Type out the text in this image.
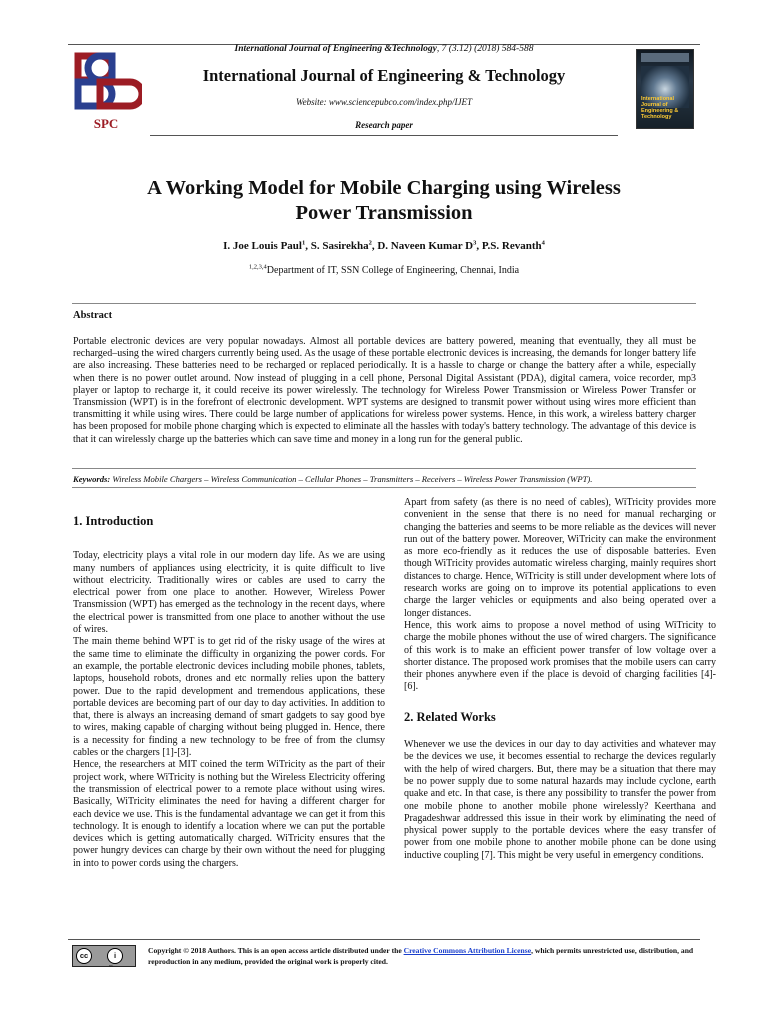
SPC
International Journal of Engineering &Technology, 7 (3.12) (2018) 584-588
International Journal of Engineering & Technology
Website: www.sciencepubco.com/index.php/IJET
Research paper
International Journal of Engineering & Technology
A Working Model for Mobile Charging using Wireless
Power Transmission
I. Joe Louis Paul$^1$, S. Sasirekha$^2$, D. Naveen Kumar $D^3$, P.S. Revanth$^4$
$^{1,2,3,4}$Department of IT, SSN College of Engineering, Chennai, India
Abstract
Portable electronic devices are very popular nowadays. Almost all portable devices are battery powered, meaning that eventually, they all must be recharged–using the wired chargers currently being used. As the usage of these portable electronic devices is increasing, the demands for longer battery life are also increasing. These batteries need to be recharged or replaced periodically. It is a hassle to charge or change the battery after a while, especially when there is no power outlet around. Now instead of plugging in a cell phone, Personal Digital Assistant (PDA), digital camera, voice recorder, mp3 player or laptop to recharge it, it could receive its power wirelessly. The technology for Wireless Power Transmission or Wireless Power Transfer or Transmission (WPT) is in the forefront of electronic development. WPT systems are designed to transmit power without using wires more efficient than transmitting it while using wires. There could be large number of applications for wireless power systems. Hence, in this work, a wireless battery charger has been proposed for mobile phone charging which is expected to eliminate all the hassles with today's battery technology. The advantage of this device is that it can wirelessly charge up the batteries which can save time and money in a long run for the general public.
Keywords: Wireless Mobile Chargers – Wireless Communication – Cellular Phones – Transmitters – Receivers – Wireless Power Transmission (WPT).
1. Introduction

Today, electricity plays a vital role in our modern day life. As we are using many numbers of appliances using electricity, it is quite difficult to live without electricity. Traditionally wires or cables are used to carry the electrical power from one place to another. However, Wireless Power Transmission (WPT) has emerged as the technology in the recent days, where the electrical power is transmitted from one place to another without the use of wires.

The main theme behind WPT is to get rid of the risky usage of the wires at the same time to eliminate the difficulty in organizing the power cords. For an example, the portable electronic devices including mobile phones, tablets, laptops, household robots, drones and etc normally relies upon the battery power. Due to the rapid development and tremendous applications, these portable devices are becoming part of our day to day activities. In addition to that, there is always an increasing demand of smart gadgets to say good bye to wires, making capable of charging without being plugged in. Hence, there is a necessity for finding a new technology to be free of from the clumsy cables or the chargers [1]-[3].

Hence, the researchers at MIT coined the term WiTricity as the part of their project work, where WiTricity is nothing but the Wireless Electricity offering the transmission of electrical power to a remote place without using wires. Basically, WiTricity eliminates the need for having a different charger for each device we use. This is the fundamental advantage we can get it from this technology. It is enough to identify a location where we can put the portable devices which is getting automatically charged. WiTricity ensures that the power hungry devices can charge by their own without the need for plugging in into to power cords using the chargers.

Apart from safety (as there is no need of cables), WiTricity provides more convenient in the sense that there is no need for manual recharging or changing the batteries and seems to be more reliable as the devices will never run out of the battery power. Moreover, WiTricity can make the environment as more eco-friendly as it reduces the use of disposable batteries. Even though WiTricity provides automatic wireless charging, mainly requires short distances to charge. Hence, WiTricity is still under development where lots of research works are going on to improve its potential applications to even charge the larger vehicles or equipments and also being operated over a longer distances.

Hence, this work aims to propose a novel method of using WiTricity to charge the mobile phones without the use of wired chargers. The significance of this work is to make an efficient power transfer of low voltage over a shorter distance. The proposed work promises that the mobile users can carry their phones anywhere even if the place is devoid of charging facilities [4]-[6].

2. Related Works

Whenever we use the devices in our day to day activities and whatever may be the devices we use, it becomes essential to recharge the devices regularly with the help of wired chargers. But, there may be a situation that there may be no power supply due to some natural hazards may include cyclone, earth quake and etc. In that case, is there any possibility to transfer the power from one mobile phone to another mobile phone wirelessly? Keerthana and Pragadeshwar addressed this issue in their work by eliminating the need of physical power supply to the portable devices where the easy transfer of power from one mobile phone to another mobile phone can be done using inductive coupling [7]. This might be very useful in emergency conditions.

cc	i
BY
Copyright © 2018 Authors. This is an open access article distributed under the Creative Commons Attribution License, which permits unrestricted use, distribution, and reproduction in any medium, provided the original work is properly cited.
